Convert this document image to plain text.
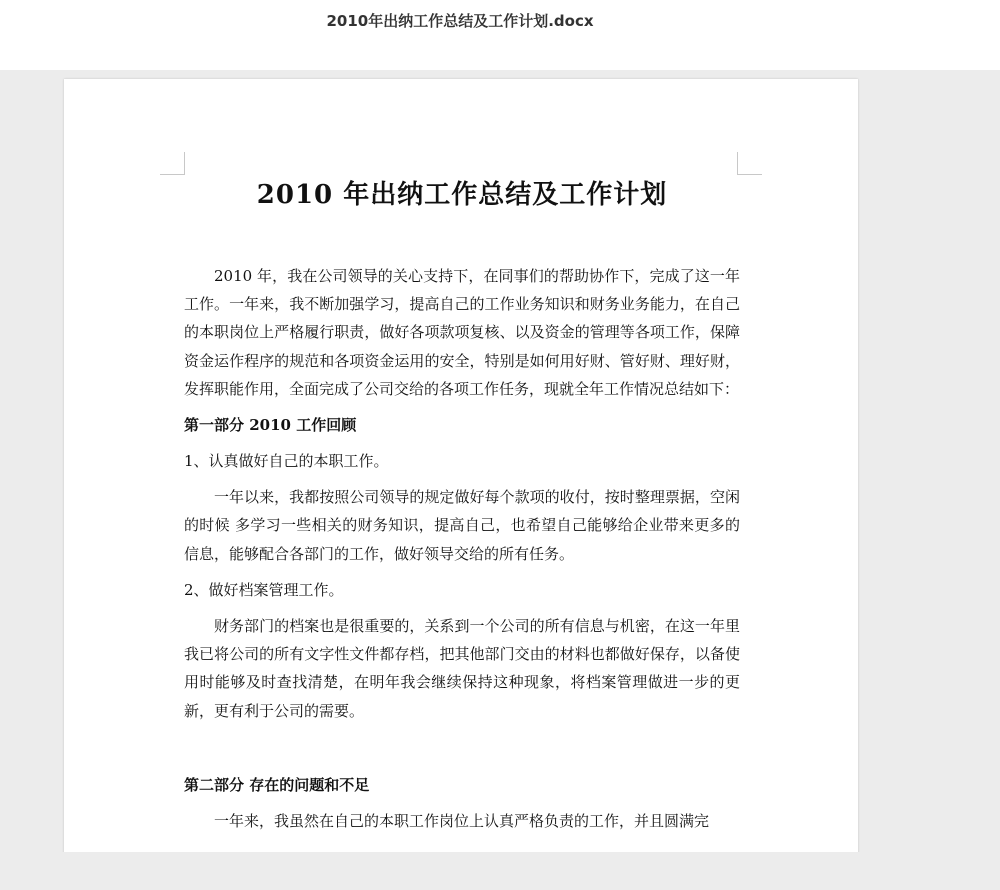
2010年出纳工作总结及工作计划.docx
2010 年出纳工作总结及工作计划

2010 年，我在公司领导的关心支持下，在同事们的帮助协作下，完成了这一年工作。一年来，我不断加强学习，提高自己的工作业务知识和财务业务能力，在自己的本职岗位上严格履行职责，做好各项款项复核、以及资金的管理等各项工作，保障资金运作程序的规范和各项资金运用的安全，特别是如何用好财、管好财、理好财，发挥职能作用，全面完成了公司交给的各项工作任务，现就全年工作情况总结如下：

第一部分 2010 工作回顾

1、认真做好自己的本职工作。

一年以来，我都按照公司领导的规定做好每个款项的收付，按时整理票据，空闲的时候 多学习一些相关的财务知识，提高自己，也希望自己能够给企业带来更多的信息，能够配合各部门的工作，做好领导交给的所有任务。

2、做好档案管理工作。

财务部门的档案也是很重要的，关系到一个公司的所有信息与机密，在这一年里我已将公司的所有文字性文件都存档，把其他部门交由的材料也都做好保存，以备使用时能够及时查找清楚，在明年我会继续保持这种现象，将档案管理做进一步的更新，更有利于公司的需要。

第二部分 存在的问题和不足

一年来，我虽然在自己的本职工作岗位上认真严格负责的工作，并且圆满完
